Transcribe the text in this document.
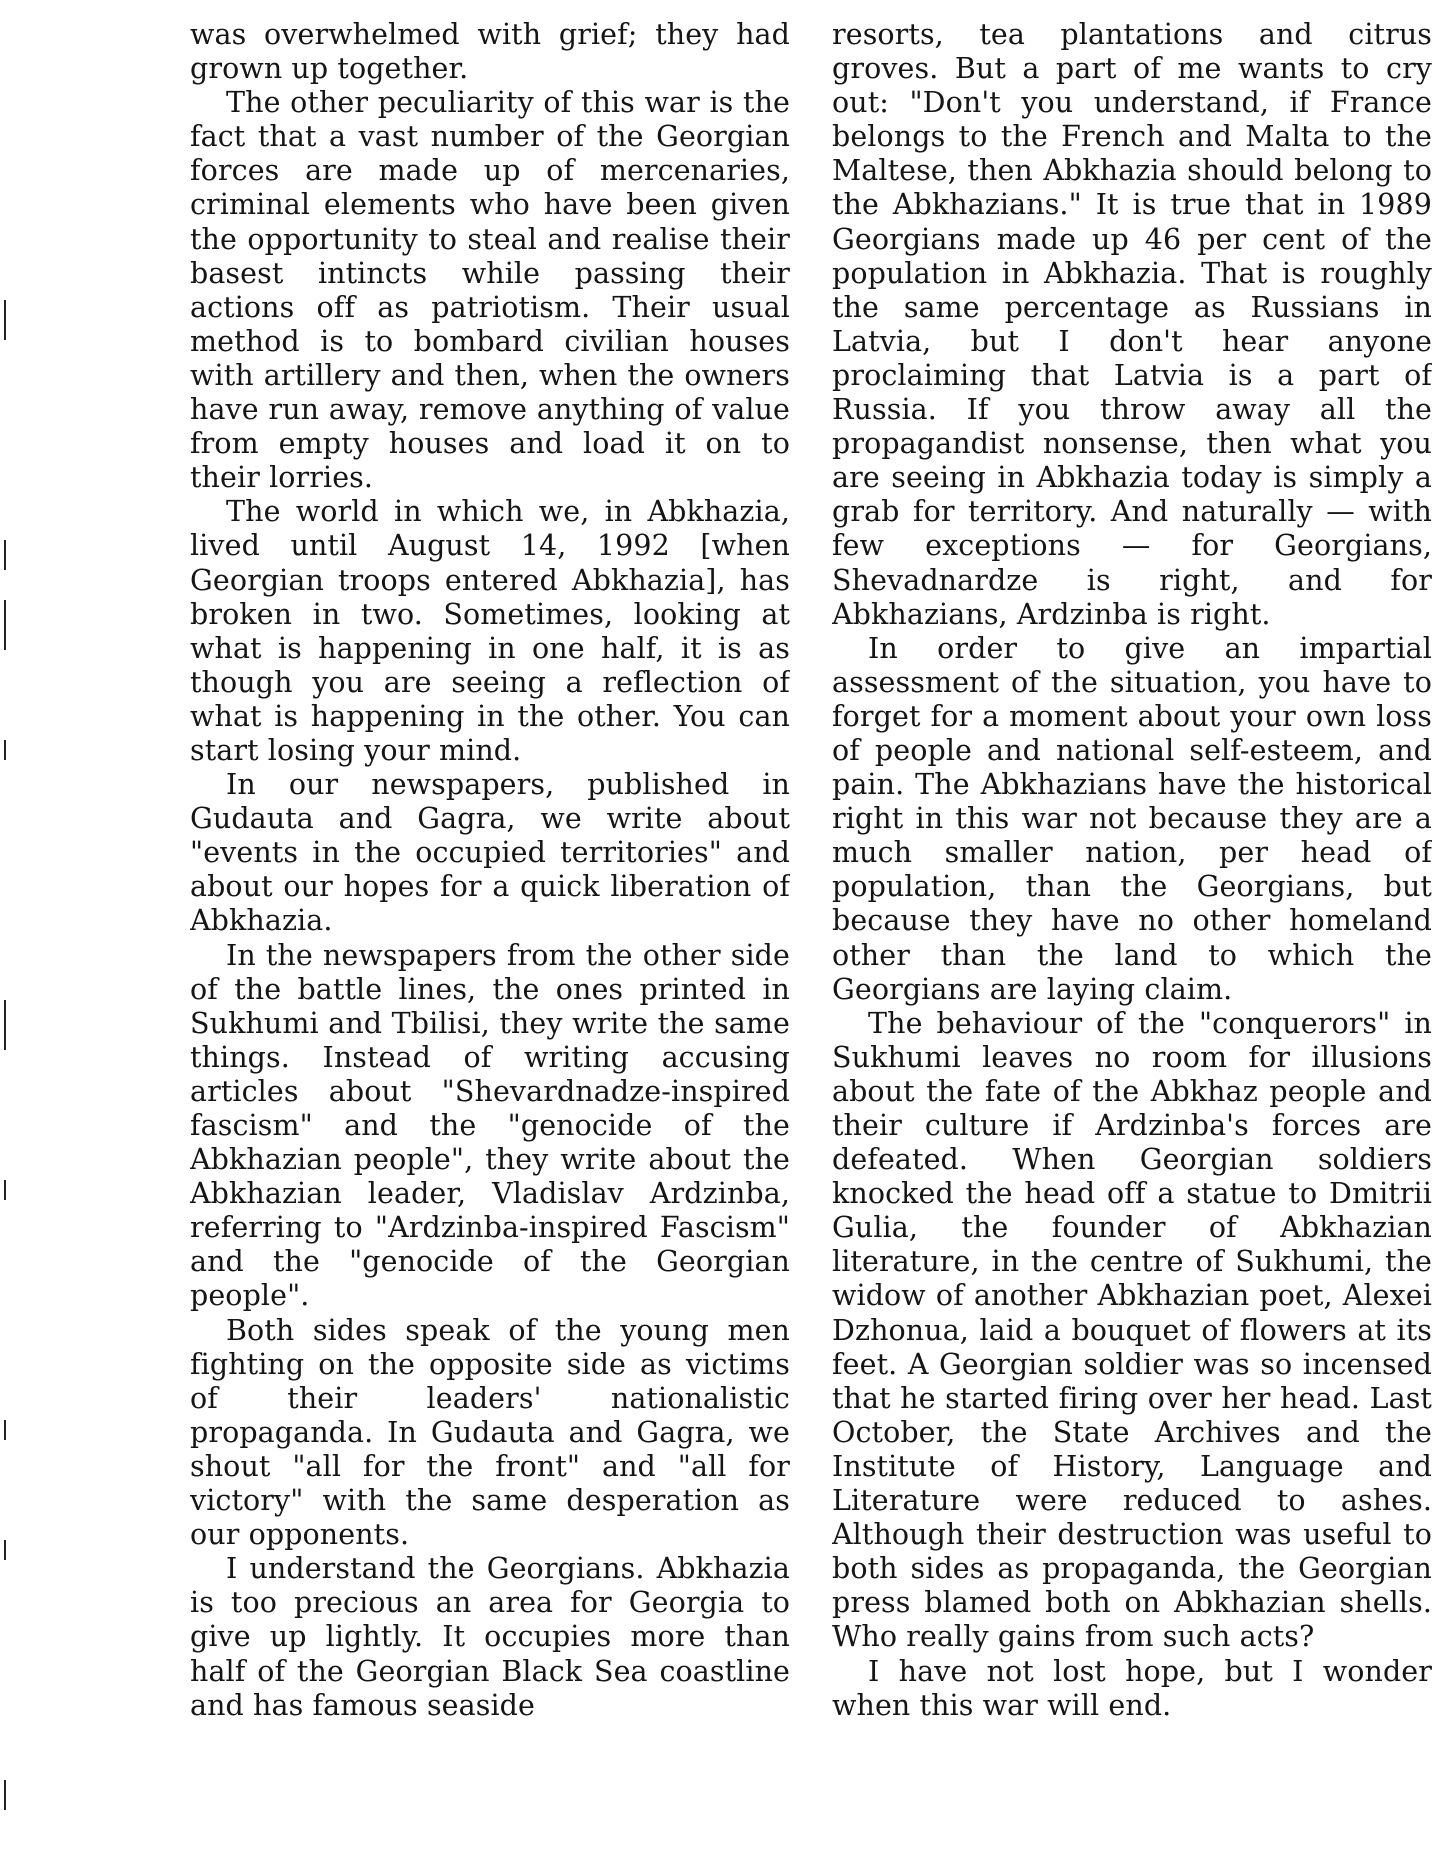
was overwhelmed with grief; they had grown up together.

The other peculiarity of this war is the fact that a vast number of the Georgian forces are made up of mercenaries, criminal elements who have been given the opportunity to steal and realise their basest intincts while passing their actions off as patriotism. Their usual method is to bombard civilian houses with artillery and then, when the owners have run away, remove anything of value from empty houses and load it on to their lorries.

The world in which we, in Abkhazia, lived until August 14, 1992 [when Georgian troops entered Abkhazia], has broken in two. Sometimes, looking at what is happening in one half, it is as though you are seeing a reflection of what is happening in the other. You can start losing your mind.

In our newspapers, published in Gudauta and Gagra, we write about "events in the occupied territories" and about our hopes for a quick liberation of Abkhazia.

In the newspapers from the other side of the battle lines, the ones printed in Sukhumi and Tbilisi, they write the same things. Instead of writing accusing articles about "Shevardnadze-inspired fascism" and the "genocide of the Abkhazian people", they write about the Abkhazian leader, Vladislav Ardzinba, referring to "Ardzinba-inspired Fascism" and the "genocide of the Georgian people".

Both sides speak of the young men fighting on the opposite side as victims of their leaders' nationalistic propaganda. In Gudauta and Gagra, we shout "all for the front" and "all for victory" with the same desperation as our opponents.

I understand the Georgians. Abkhazia is too precious an area for Georgia to give up lightly. It occupies more than half of the Georgian Black Sea coastline and has famous seaside

resorts, tea plantations and citrus groves. But a part of me wants to cry out: "Don't you understand, if France belongs to the French and Malta to the Maltese, then Abkhazia should belong to the Abkhazians." It is true that in 1989 Georgians made up 46 per cent of the population in Abkhazia. That is roughly the same percentage as Russians in Latvia, but I don't hear anyone proclaiming that Latvia is a part of Russia. If you throw away all the propagandist nonsense, then what you are seeing in Abkhazia today is simply a grab for territory. And naturally — with few exceptions — for Georgians, Shevadnardze is right, and for Abkhazians, Ardzinba is right.

In order to give an impartial assessment of the situation, you have to forget for a moment about your own loss of people and national self-esteem, and pain. The Abkhazians have the historical right in this war not because they are a much smaller nation, per head of population, than the Georgians, but because they have no other homeland other than the land to which the Georgians are laying claim.

The behaviour of the "conquerors" in Sukhumi leaves no room for illusions about the fate of the Abkhaz people and their culture if Ardzinba's forces are defeated. When Georgian soldiers knocked the head off a statue to Dmitrii Gulia, the founder of Abkhazian literature, in the centre of Sukhumi, the widow of another Abkhazian poet, Alexei Dzhonua, laid a bouquet of flowers at its feet. A Georgian soldier was so incensed that he started firing over her head. Last October, the State Archives and the Institute of History, Language and Literature were reduced to ashes. Although their destruction was useful to both sides as propaganda, the Georgian press blamed both on Abkhazian shells. Who really gains from such acts?

I have not lost hope, but I wonder when this war will end.
